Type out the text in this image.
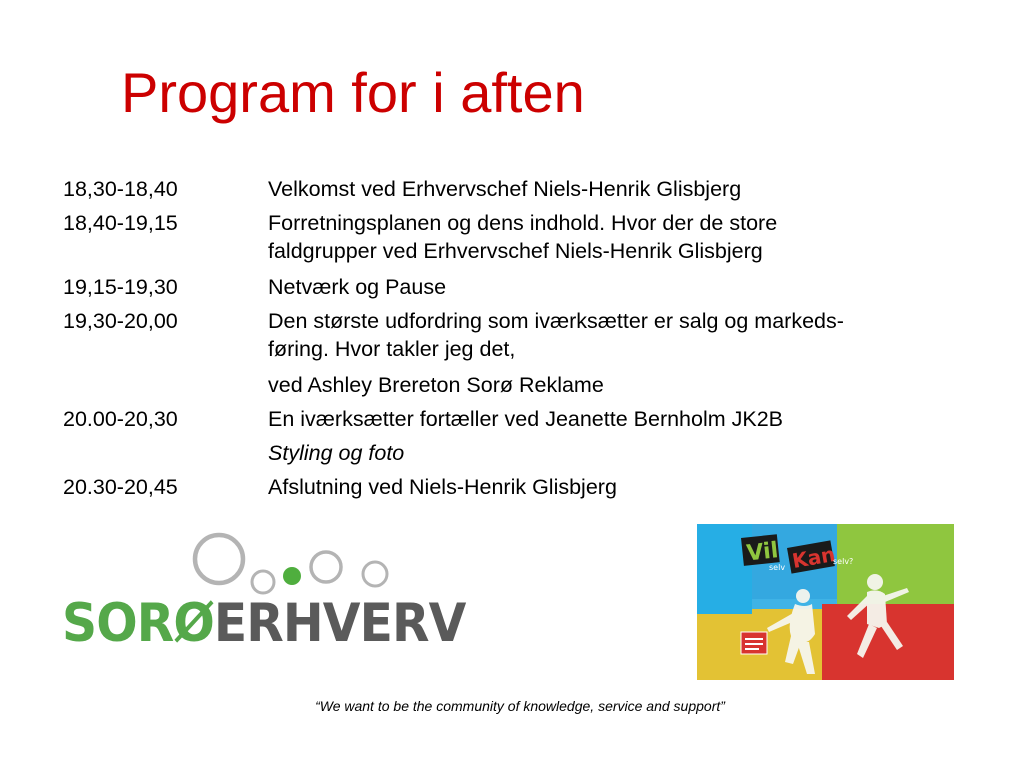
Program for i aften
18,30-18,40	Velkomst ved Erhvervschef Niels-Henrik Glisbjerg
18,40-19,15	Forretningsplanen og dens indhold. Hvor der de store
faldgrupper ved Erhvervschef Niels-Henrik Glisbjerg
19,15-19,30	Netværk og Pause
19,30-20,00	Den største udfordring som iværksætter er salg og markeds-
føring. Hvor takler jeg det,
ved Ashley Brereton Sorø Reklame
20.00-20,30	En iværksætter fortæller ved Jeanette Bernholm JK2B
Styling og foto
20.30-20,45	Afslutning ved Niels-Henrik Glisbjerg
SORØERHVERV
Vil
selv Kan
selv?
“We want to be the community of knowledge, service and support”
